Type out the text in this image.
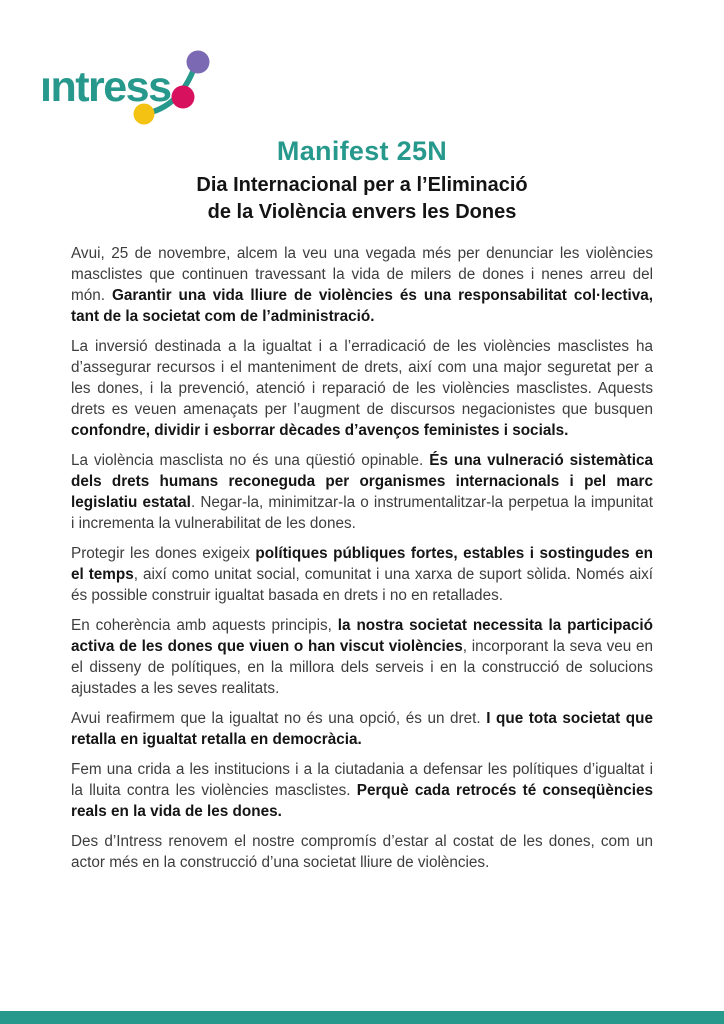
ıntress
Manifest 25N
Dia Internacional per a l’Eliminació
de la Violència envers les Dones

Avui, 25 de novembre, alcem la veu una vegada més per denunciar les violències masclistes que continuen travessant la vida de milers de dones i nenes arreu del món. Garantir una vida lliure de violències és una responsabilitat col·lectiva, tant de la societat com de l’administració.

La inversió destinada a la igualtat i a l’erradicació de les violències masclistes ha d’assegurar recursos i el manteniment de drets, així com una major seguretat per a les dones, i la prevenció, atenció i reparació de les violències masclistes. Aquests drets es veuen amenaçats per l’augment de discursos negacionistes que busquen confondre, dividir i esborrar dècades d’avenços feministes i socials.

La violència masclista no és una qüestió opinable. És una vulneració sistemàtica dels drets humans reconeguda per organismes internacionals i pel marc legislatiu estatal. Negar-la, minimitzar-la o instrumentalitzar-la perpetua la impunitat i incrementa la vulnerabilitat de les dones.

Protegir les dones exigeix polítiques públiques fortes, estables i sostingudes en el temps, així como unitat social, comunitat i una xarxa de suport sòlida. Només així és possible construir igualtat basada en drets i no en retallades.

En coherència amb aquests principis, la nostra societat necessita la participació activa de les dones que viuen o han viscut violències, incorporant la seva veu en el disseny de polítiques, en la millora dels serveis i en la construcció de solucions ajustades a les seves realitats.

Avui reafirmem que la igualtat no és una opció, és un dret. I que tota societat que retalla en igualtat retalla en democràcia.

Fem una crida a les institucions i a la ciutadania a defensar les polítiques d’igualtat i la lluita contra les violències masclistes. Perquè cada retrocés té conseqüències reals en la vida de les dones.

Des d’Intress renovem el nostre compromís d’estar al costat de les dones, com un actor més en la construcció d’una societat lliure de violències.
